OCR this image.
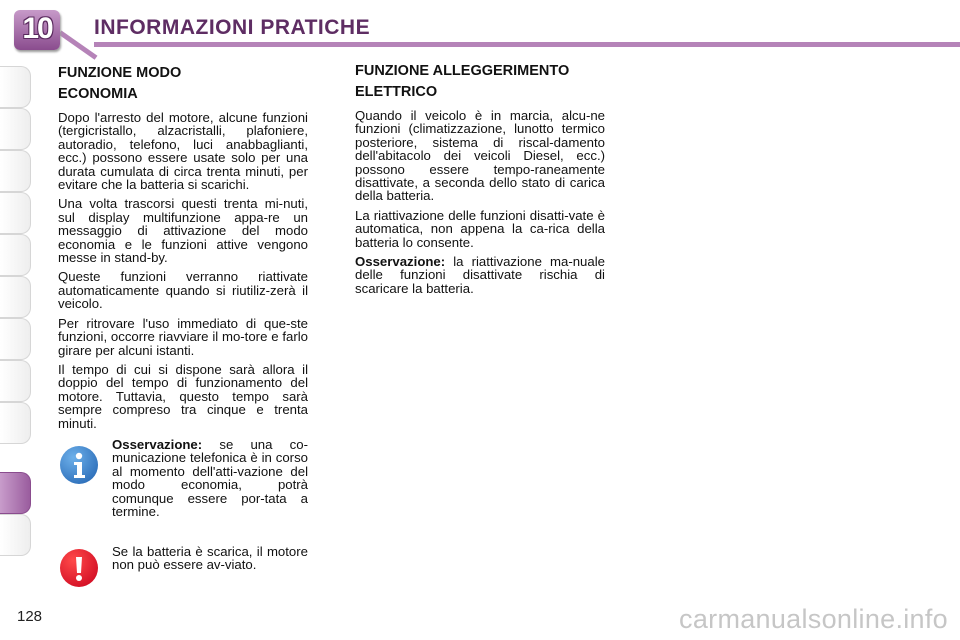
10	INFORMAZIONI PRATICHE
FUNZIONE MODO
ECONOMIA

Dopo l'arresto del motore, alcune funzioni (tergicristallo, alzacristalli, plafoniere, autoradio, telefono, luci anabbaglianti, ecc.) possono essere usate solo per una durata cumulata di circa trenta minuti, per evitare che la batteria si scarichi.

Una volta trascorsi questi trenta mi-nuti, sul display multifunzione appa-re un messaggio di attivazione del modo economia e le funzioni attive vengono messe in stand-by.

Queste funzioni verranno riattivate automaticamente quando si riutiliz-zerà il veicolo.

Per ritrovare l'uso immediato di que-ste funzioni, occorre riavviare il mo-tore e farlo girare per alcuni istanti.

Il tempo di cui si dispone sarà allora il doppio del tempo di funzionamento del motore. Tuttavia, questo tempo sarà sempre compreso tra cinque e trenta minuti.

FUNZIONE ALLEGGERIMENTO
ELETTRICO

Quando il veicolo è in marcia, alcu-ne funzioni (climatizzazione, lunotto termico posteriore, sistema di riscal-damento dell'abitacolo dei veicoli Diesel, ecc.) possono essere tempo-raneamente disattivate, a seconda dello stato di carica della batteria.

La riattivazione delle funzioni disatti-vate è automatica, non appena la ca-rica della batteria lo consente.

Osservazione: la riattivazione ma-nuale delle funzioni disattivate rischia di scaricare la batteria.

Osservazione: se una co-municazione telefonica è in corso al momento dell'atti-vazione del modo economia, potrà comunque essere por-tata a termine.
Se la batteria è scarica, il motore non può essere av-viato.
128	carmanualsonline.info
